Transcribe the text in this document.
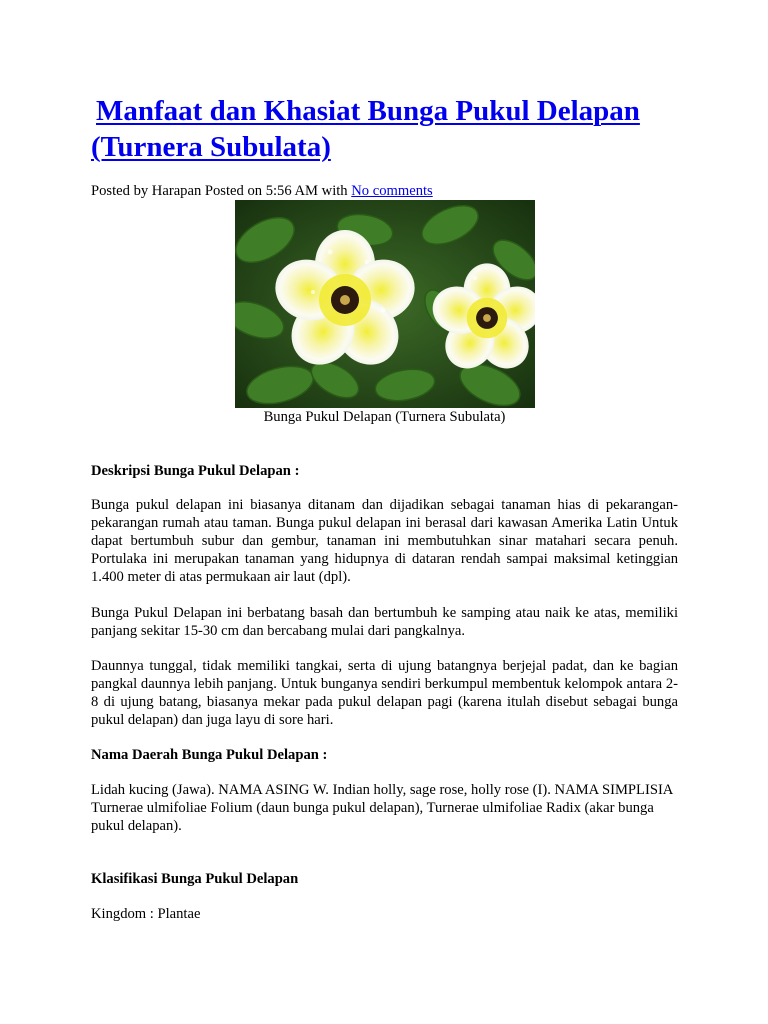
Manfaat dan Khasiat Bunga Pukul Delapan (Turnera Subulata)
Posted by Harapan Posted on 5:56 AM with No comments
Bunga Pukul Delapan (Turnera Subulata)

Deskripsi Bunga Pukul Delapan :

Bunga pukul delapan ini biasanya ditanam dan dijadikan sebagai tanaman hias di pekarangan-pekarangan rumah atau taman. Bunga pukul delapan ini berasal dari kawasan Amerika Latin Untuk dapat bertumbuh subur dan gembur, tanaman ini membutuhkan sinar matahari secara penuh. Portulaka ini merupakan tanaman yang hidupnya di dataran rendah sampai maksimal ketinggian 1.400 meter di atas permukaan air laut (dpl).

Bunga Pukul Delapan ini berbatang basah dan bertumbuh ke samping atau naik ke atas, memiliki panjang sekitar 15-30 cm dan bercabang mulai dari pangkalnya.

Daunnya tunggal, tidak memiliki tangkai, serta di ujung batangnya berjejal padat, dan ke bagian pangkal daunnya lebih panjang. Untuk bunganya sendiri berkumpul membentuk kelompok antara 2-8 di ujung batang, biasanya mekar pada pukul delapan pagi (karena itulah disebut sebagai bunga pukul delapan) dan juga layu di sore hari.

Nama Daerah Bunga Pukul Delapan :

Lidah kucing (Jawa). NAMA ASING W. Indian holly, sage rose, holly rose (I). NAMA SIMPLISIA Turnerae ulmifoliae Folium (daun bunga pukul delapan), Turnerae ulmifoliae Radix (akar bunga pukul delapan).

Klasifikasi Bunga Pukul Delapan

Kingdom : Plantae
